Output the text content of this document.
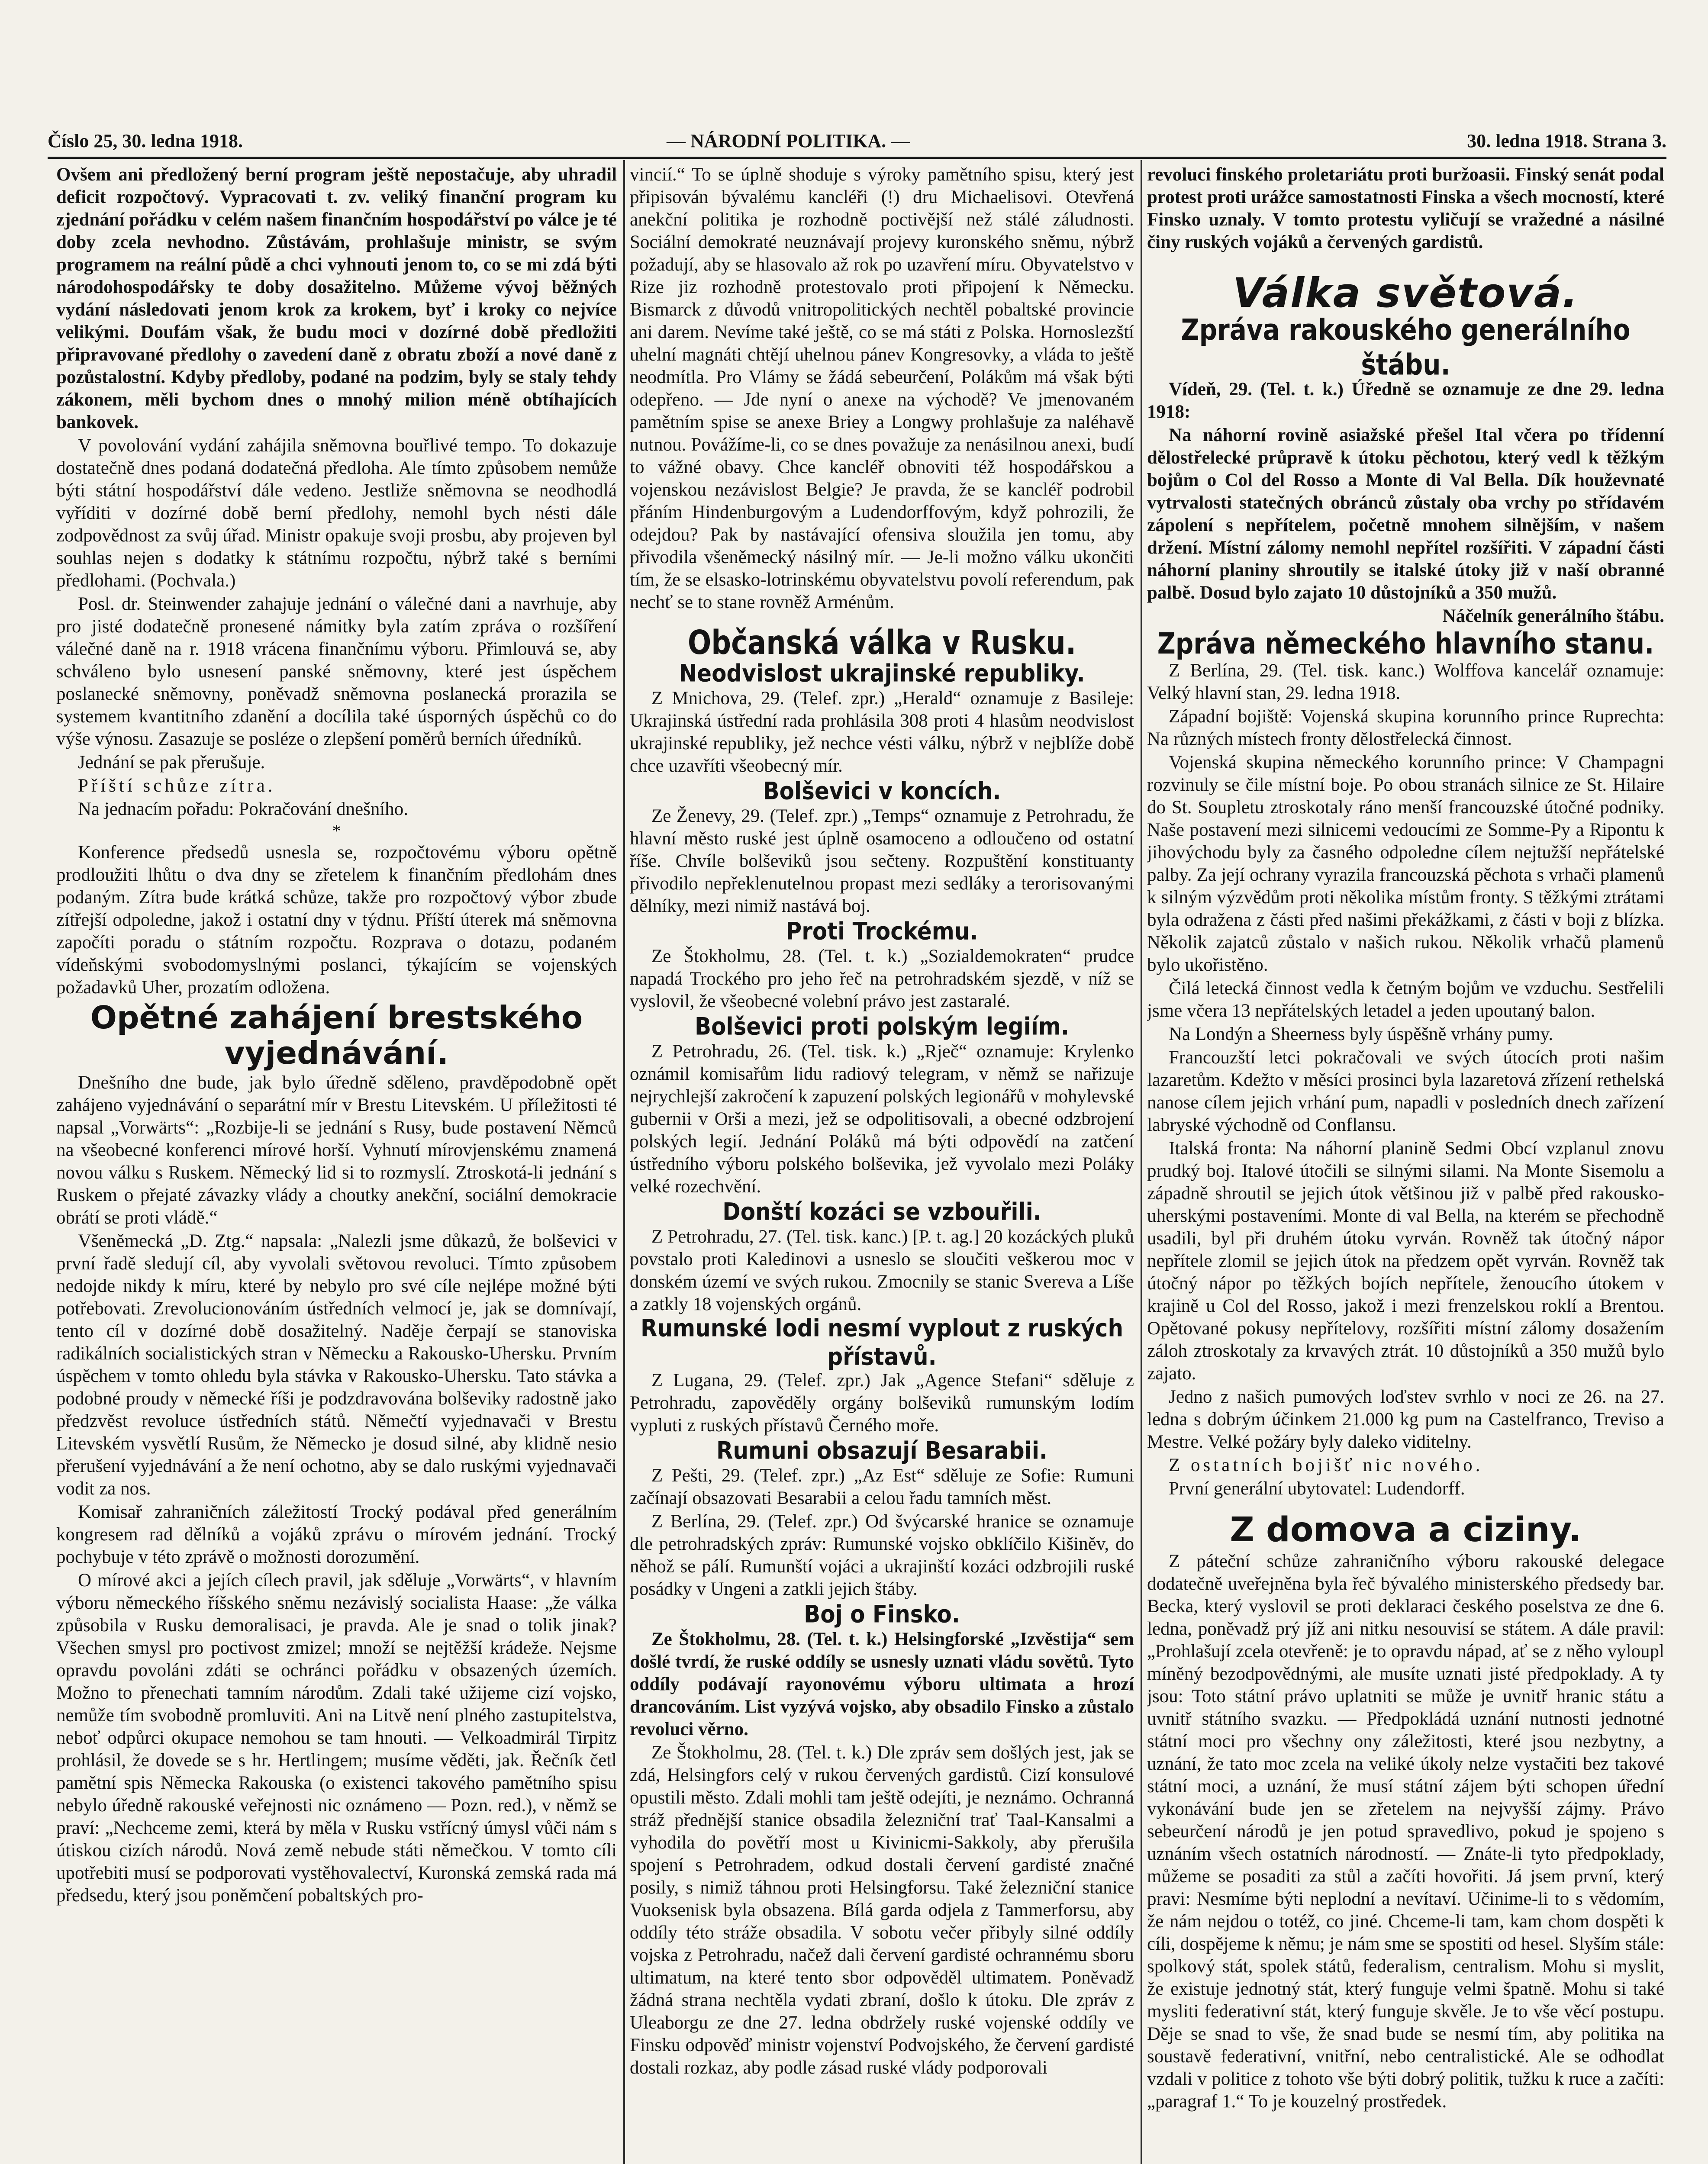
Číslo 25, 30. ledna 1918.	— NÁRODNÍ POLITIKA. —	30. ledna 1918. Strana 3.

Ovšem ani předložený berní program ještě nepostačuje, aby uhradil deficit rozpočtový. Vypracovati t. zv. veliký finanční program ku zjednání pořádku v celém našem finančním hospodářství po válce je té doby zcela nevhodno. Zůstávám, prohlašuje ministr, se svým programem na reální půdě a chci vyhnouti jenom to, co se mi zdá býti národohospodářsky te doby dosažitelno. Můžeme vývoj běžných vydání následovati jenom krok za krokem, byť i kroky co nejvíce velikými. Doufám však, že budu moci v dozírné době předložiti připravované předlohy o zavedení daně z obratu zboží a nové daně z pozůstalostní. Kdyby předloby, podané na podzim, byly se staly tehdy zákonem, měli bychom dnes o mnohý milion méně obtíhajících bankovek.

V povolování vydání zahájila sněmovna bouřlivé tempo. To dokazuje dostatečně dnes podaná dodatečná předloha. Ale tímto způsobem nemůže býti státní hospodářství dále vedeno. Jestliže sněmovna se neodhodlá vyříditi v dozírné době berní předlohy, nemohl bych nésti dále zodpovědnost za svůj úřad. Ministr opakuje svoji prosbu, aby projeven byl souhlas nejen s dodatky k státnímu rozpočtu, nýbrž také s berními předlohami. (Pochvala.)

Posl. dr. Steinwender zahajuje jednání o válečné dani a navrhuje, aby pro jisté dodatečně pronesené námitky byla zatím zpráva o rozšíření válečné daně na r. 1918 vrácena finančnímu výboru. Přimlouvá se, aby schváleno bylo usnesení panské sněmovny, které jest úspěchem poslanecké sněmovny, poněvadž sněmovna poslanecká prorazila se systemem kvantitního zdanění a docílila také úsporných úspěchů co do výše výnosu. Zasazuje se posléze o zlepšení poměrů berních úředníků.

Jednání se pak přerušuje.

Příští schůze zítra.

Na jednacím pořadu: Pokračování dnešního.

*

Konference předsedů usnesla se, rozpočtovému výboru opětně prodloužiti lhůtu o dva dny se zřetelem k finančním předlohám dnes podaným. Zítra bude krátká schůze, takže pro rozpočtový výbor zbude zítřejší odpoledne, jakož i ostatní dny v týdnu. Příští úterek má sněmovna započíti poradu o státním rozpočtu. Rozprava o dotazu, podaném vídeňskými svobodomyslnými poslanci, týkajícím se vojenských požadavků Uher, prozatím odložena.

Opětné zahájení brestského vyjednávání.

Dnešního dne bude, jak bylo úředně sděleno, pravděpodobně opět zahájeno vyjednávání o separátní mír v Brestu Litevském. U příležitosti té napsal „Vorwärts“: „Rozbije-li se jednání s Rusy, bude postavení Němců na všeobecné konferenci mírové horší. Vyhnutí mírovjenskému znamená novou válku s Ruskem. Německý lid si to rozmyslí. Ztroskotá-li jednání s Ruskem o přejaté závazky vlády a choutky anekční, sociální demokracie obrátí se proti vládě.“

Všeněmecká „D. Ztg.“ napsala: „Nalezli jsme důkazů, že bolševici v první řadě sledují cíl, aby vyvolali světovou revoluci. Tímto způsobem nedojde nikdy k míru, které by nebylo pro své cíle nejlépe možné býti potřebovati. Zrevolucionováním ústředních velmocí je, jak se domnívají, tento cíl v dozírné době dosažitelný. Naděje čerpají se stanoviska radikálních socialistických stran v Německu a Rakousko-Uhersku. Prvním úspěchem v tomto ohledu byla stávka v Rakousko-Uhersku. Tato stávka a podobné proudy v německé říši je podzdravována bolševiky radostně jako předzvěst revoluce ústředních států. Němečtí vyjednavači v Brestu Litevském vysvětlí Rusům, že Německo je dosud silné, aby klidně nesio přerušení vyjednávání a že není ochotno, aby se dalo ruskými vyjednavači vodit za nos.

Komisař zahraničních záležitostí Trocký podával před generálním kongresem rad dělníků a vojáků zprávu o mírovém jednání. Trocký pochybuje v této zprávě o možnosti dorozumění.

O mírové akci a jejích cílech pravil, jak sděluje „Vorwärts“, v hlavním výboru německého říšského sněmu nezávislý socialista Haase: „že válka způsobila v Rusku demoralisaci, je pravda. Ale je snad o tolik jinak? Všechen smysl pro poctivost zmizel; množí se nejtěžší krádeže. Nejsme opravdu povoláni zdáti se ochránci pořádku v obsazených územích. Možno to přenechati tamním národům. Zdali také užijeme cizí vojsko, nemůže tím svobodně promluviti. Ani na Litvě není plného zastupitelstva, neboť odpůrci okupace nemohou se tam hnouti. — Velkoadmirál Tirpitz prohlásil, že dovede se s hr. Hertlingem; musíme věděti, jak. Řečník četl pamětní spis Německa Rakouska (o existenci takového pamětního spisu nebylo úředně rakouské veřejnosti nic oznámeno — Pozn. red.), v němž se praví: „Nechceme zemi, která by měla v Rusku vstřícný úmysl vůči nám s útiskou cizích národů. Nová země nebude státi němečkou. V tomto cíli upotřebiti musí se podporovati vystěhovalectví, Kuronská zemská rada má předsedu, který jsou poněmčení pobaltských pro-

vincií.“ To se úplně shoduje s výroky pamětního spisu, který jest připisován bývalému kancléři (!) dru Michaelisovi. Otevřená anekční politika je rozhodně poctivější než stálé záludnosti. Sociální demokraté neuznávají projevy kuronského sněmu, nýbrž požadují, aby se hlasovalo až rok po uzavření míru. Obyvatelstvo v Rize jiz rozhodně protestovalo proti připojení k Německu. Bismarck z důvodů vnitropolitických nechtěl pobaltské provincie ani darem. Nevíme také ještě, co se má státi z Polska. Hornoslezští uhelní magnáti chtějí uhelnou pánev Kongresovky, a vláda to ještě neodmítla. Pro Vlámy se žádá sebeurčení, Polákům má však býti odepřeno. — Jde nyní o anexe na východě? Ve jmenovaném pamětním spise se anexe Briey a Longwy prohlašuje za naléhavě nutnou. Povážíme-li, co se dnes považuje za nenásilnou anexi, budí to vážné obavy. Chce kancléř obnoviti též hospodářskou a vojenskou nezávislost Belgie? Je pravda, že se kancléř podrobil přáním Hindenburgovým a Ludendorffovým, když pohrozili, že odejdou? Pak by nastávající ofensiva sloužila jen tomu, aby přivodila všeněmecký násilný mír. — Je-li možno válku ukončiti tím, že se elsasko-lotrinskému obyvatelstvu povolí referendum, pak nechť se to stane rovněž Arménům.

Občanská válka v Rusku.

Neodvislost ukrajinské republiky.

Z Mnichova, 29. (Telef. zpr.) „Herald“ oznamuje z Basileje: Ukrajinská ústřední rada prohlásila 308 proti 4 hlasům neodvislost ukrajinské republiky, jež nechce vésti válku, nýbrž v nejblíže době chce uzavříti všeobecný mír.

Bolševici v koncích.

Ze Ženevy, 29. (Telef. zpr.) „Temps“ oznamuje z Petrohradu, že hlavní město ruské jest úplně osamoceno a odloučeno od ostatní říše. Chvíle bolševiků jsou sečteny. Rozpuštění konstituanty přivodilo nepřeklenutelnou propast mezi sedláky a terorisovanými dělníky, mezi nimiž nastává boj.

Proti Trockému.

Ze Štokholmu, 28. (Tel. t. k.) „Sozialdemokraten“ prudce napadá Trockého pro jeho řeč na petrohradském sjezdě, v níž se vyslovil, že všeobecné volební právo jest zastaralé.

Bolševici proti polským legiím.

Z Petrohradu, 26. (Tel. tisk. k.) „Rječ“ oznamuje: Krylenko oznámil komisařům lidu radiový telegram, v němž se nařizuje nejrychlejší zakročení k zapuzení polských legionářů v mohylevské gubernii v Orši a mezi, jež se odpolitisovali, a obecné odzbrojení polských legií. Jednání Poláků má býti odpovědí na zatčení ústředního výboru polského bolševika, jež vyvolalo mezi Poláky velké rozechvění.

Donští kozáci se vzbouřili.

Z Petrohradu, 27. (Tel. tisk. kanc.) [P. t. ag.] 20 kozáckých pluků povstalo proti Kaledinovi a usneslo se sloučiti veškerou moc v donském území ve svých rukou. Zmocnily se stanic Svereva a Líše a zatkly 18 vojenských orgánů.

Rumunské lodi nesmí vyplout z ruských přístavů.

Z Lugana, 29. (Telef. zpr.) Jak „Agence Stefani“ sděluje z Petrohradu, zapověděly orgány bolševiků rumunským lodím vypluti z ruských přístavů Černého moře.

Rumuni obsazují Besarabii.

Z Pešti, 29. (Telef. zpr.) „Az Est“ sděluje ze Sofie: Rumuni začínají obsazovati Besarabii a celou řadu tamních měst.

Z Berlína, 29. (Telef. zpr.) Od švýcarské hranice se oznamuje dle petrohradských zpráv: Rumunské vojsko obklíčilo Kišiněv, do něhož se pálí. Rumunští vojáci a ukrajinští kozáci odzbrojili ruské posádky v Ungeni a zatkli jejich štáby.

Boj o Finsko.

Ze Štokholmu, 28. (Tel. t. k.) Helsingforské „Izvěstija“ sem došlé tvrdí, že ruské oddíly se usnesly uznati vládu sovětů. Tyto oddíly podávají rayonovému výboru ultimata a hrozí drancováním. List vyzývá vojsko, aby obsadilo Finsko a zůstalo revoluci věrno.

Ze Štokholmu, 28. (Tel. t. k.) Dle zpráv sem došlých jest, jak se zdá, Helsingfors celý v rukou červených gardistů. Cizí konsulové opustili město. Zdali mohli tam ještě odejíti, je neznámo. Ochranná stráž přednější stanice obsadila železniční trať Taal-Kansalmi a vyhodila do povětří most u Kivinicmi-Sakkoly, aby přerušila spojení s Petrohradem, odkud dostali červení gardisté značné posily, s nimiž táhnou proti Helsingforsu. Také železniční stanice Vuoksenisk byla obsazena. Bílá garda odjela z Tammerforsu, aby oddíly této stráže obsadila. V sobotu večer přibyly silné oddíly vojska z Petrohradu, načež dali červení gardisté ochrannému sboru ultimatum, na které tento sbor odpověděl ultimatem. Poněvadž žádná strana nechtěla vydati zbraní, došlo k útoku. Dle zpráv z Uleaborgu ze dne 27. ledna obdržely ruské vojenské oddíly ve Finsku odpověď ministr vojenství Podvojského, že červení gardisté dostali rozkaz, aby podle zásad ruské vlády podporovali

revoluci finského proletariátu proti buržoasii. Finský senát podal protest proti urážce samostatnosti Finska a všech mocností, které Finsko uznaly. V tomto protestu vyličují se vražedné a násilné činy ruských vojáků a červených gardistů.

Válka světová.

Zpráva rakouského generálního štábu.

Vídeň, 29. (Tel. t. k.) Úředně se oznamuje ze dne 29. ledna 1918:

Na náhorní rovině asiažské přešel Ital včera po třídenní dělostřelecké průpravě k útoku pěchotou, který vedl k těžkým bojům o Col del Rosso a Monte di Val Bella. Dík houževnaté vytrvalosti statečných obránců zůstaly oba vrchy po střídavém zápolení s nepřítelem, početně mnohem silnějším, v našem držení. Místní zálomy nemohl nepřítel rozšířiti. V západní části náhorní planiny shroutily se italské útoky již v naší obranné palbě. Dosud bylo zajato 10 důstojníků a 350 mužů.

Náčelník generálního štábu.

Zpráva německého hlavního stanu.

Z Berlína, 29. (Tel. tisk. kanc.) Wolffova kancelář oznamuje: Velký hlavní stan, 29. ledna 1918.

Západní bojiště: Vojenská skupina korunního prince Ruprechta: Na různých místech fronty dělostřelecká činnost.

Vojenská skupina německého korunního prince: V Champagni rozvinuly se čile místní boje. Po obou stranách silnice ze St. Hilaire do St. Soupletu ztroskotaly ráno menší francouzské útočné podniky. Naše postavení mezi silnicemi vedoucími ze Somme-Py a Ripontu k jihovýchodu byly za časného odpoledne cílem nejtužší nepřátelské palby. Za její ochrany vyrazila francouzská pěchota s vrhači plamenů k silným výzvědům proti několika místům fronty. S těžkými ztrátami byla odražena z části před našimi překážkami, z části v boji z blízka. Několik zajatců zůstalo v našich rukou. Několik vrhačů plamenů bylo ukořistěno.

Čilá letecká činnost vedla k četným bojům ve vzduchu. Sestřelili jsme včera 13 nepřátelských letadel a jeden upoutaný balon.

Na Londýn a Sheerness byly úspěšně vrhány pumy.

Francouzští letci pokračovali ve svých útocích proti našim lazaretům. Kdežto v měsíci prosinci byla lazaretová zřízení rethelská nanose cílem jejich vrhání pum, napadli v posledních dnech zařízení labryské východně od Conflansu.

Italská fronta: Na náhorní planině Sedmi Obcí vzplanul znovu prudký boj. Italové útočili se silnými silami. Na Monte Sisemolu a západně shroutil se jejich útok většinou již v palbě před rakousko-uherskými postaveními. Monte di val Bella, na kterém se přechodně usadili, byl při druhém útoku vyrván. Rovněž tak útočný nápor nepřítele zlomil se jejich útok na předzem opět vyrván. Rovněž tak útočný nápor po těžkých bojích nepřítele, ženoucího útokem v krajině u Col del Rosso, jakož i mezi frenzelskou roklí a Brentou. Opětované pokusy nepřítelovy, rozšířiti místní zálomy dosažením záloh ztroskotaly za krvavých ztrát. 10 důstojníků a 350 mužů bylo zajato.

Jedno z našich pumových loďstev svrhlo v noci ze 26. na 27. ledna s dobrým účinkem 21.000 kg pum na Castelfranco, Treviso a Mestre. Velké požáry byly daleko viditelny.

Z ostatních bojišť nic nového.

První generální ubytovatel: Ludendorff.

Z domova a ciziny.

Z páteční schůze zahraničního výboru rakouské delegace dodatečně uveřejněna byla řeč bývalého ministerského předsedy bar. Becka, který vyslovil se proti deklaraci českého poselstva ze dne 6. ledna, poněvadž prý jíž ani nitku nesouvisí se státem. A dále pravil: „Prohlašují zcela otevřeně: je to opravdu nápad, ať se z něho vyloupl míněný bezodpovědnými, ale musíte uznati jisté předpoklady. A ty jsou: Toto státní právo uplatniti se může je uvnitř hranic státu a uvnitř státního svazku. — Předpokládá uznání nutnosti jednotné státní moci pro všechny ony záležitosti, které jsou nezbytny, a uznání, že tato moc zcela na veliké úkoly nelze vystačiti bez takové státní moci, a uznání, že musí státní zájem býti schopen úřední vykonávání bude jen se zřetelem na nejvyšší zájmy. Právo sebeurčení národů je jen potud spravedlivo, pokud je spojeno s uznáním všech ostatních národností. — Znáte-li tyto předpoklady, můžeme se posaditi za stůl a začíti hovořiti. Já jsem první, který pravi: Nesmíme býti neplodní a nevítaví. Učinime-li to s vědomím, že nám nejdou o totéž, co jiné. Chceme-li tam, kam chom dospěti k cíli, dospějeme k němu; je nám sme se spostiti od hesel. Slyším stále: spolkový stát, spolek států, federalism, centralism. Mohu si myslit, že existuje jednotný stát, který funguje velmi špatně. Mohu si také mysliti federativní stát, který funguje skvěle. Je to vše věcí postupu. Děje se snad to vše, že snad bude se nesmí tím, aby politika na soustavě federativní, vnitřní, nebo centralistické. Ale se odhodlat vzdali v politice z tohoto vše býti dobrý politik, tužku k ruce a začíti: „paragraf 1.“ To je kouzelný prostředek.
